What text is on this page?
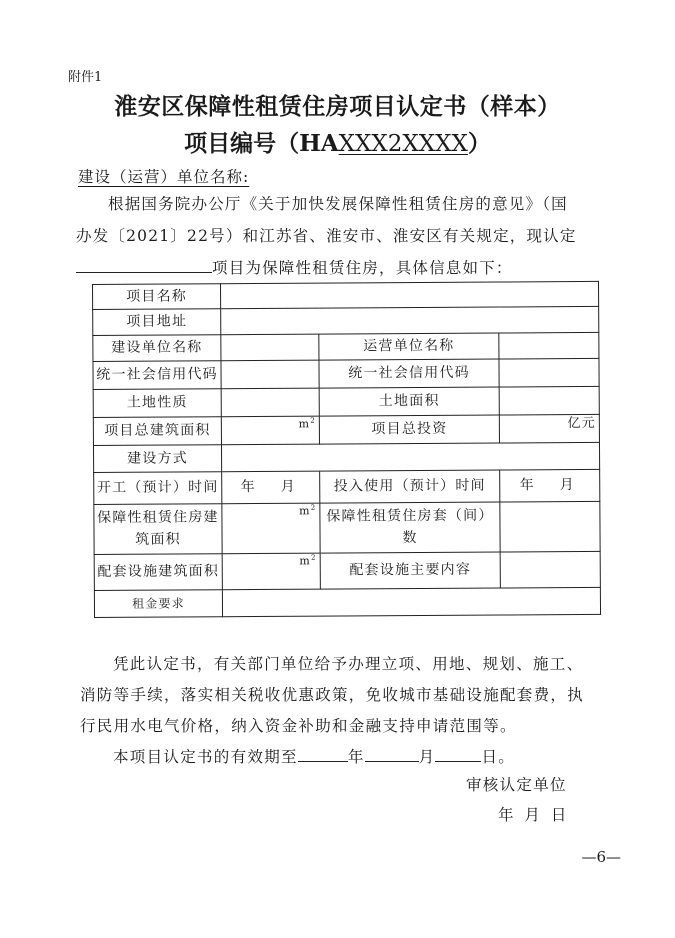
附件1
淮安区保障性租赁住房项目认定书（样本）
项目编号（HAXXX2XXXX）
建设（运营）单位名称:
根据国务院办公厅《关于加快发展保障性租赁住房的意见》（国
办发〔2021〕22号）和江苏省、淮安市、淮安区有关规定，现认定
项目为保障性租赁住房，具体信息如下：
项目名称			
项目地址			
建设单位名称		运营单位名称	
统一社会信用代码		统一社会信用代码	
土地性质		土地面积	
项目总建筑面积	$m^2$	项目总投资	亿元
建设方式			
开工（预计）时间	年　月	投入使用（预计）时间	年　月
保障性租赁住房建筑面积	$m^2$	保障性租赁住房套（间）数	
配套设施建筑面积	$m^2$	配套设施主要内容	
租金要求			
凭此认定书，有关部门单位给予办理立项、用地、规划、施工、
消防等手续，落实相关税收优惠政策，免收城市基础设施配套费，执
行民用水电气价格，纳入资金补助和金融支持申请范围等。
本项目认定书的有效期至	年	月	日。
审核认定单位
年 月 日
—6—
